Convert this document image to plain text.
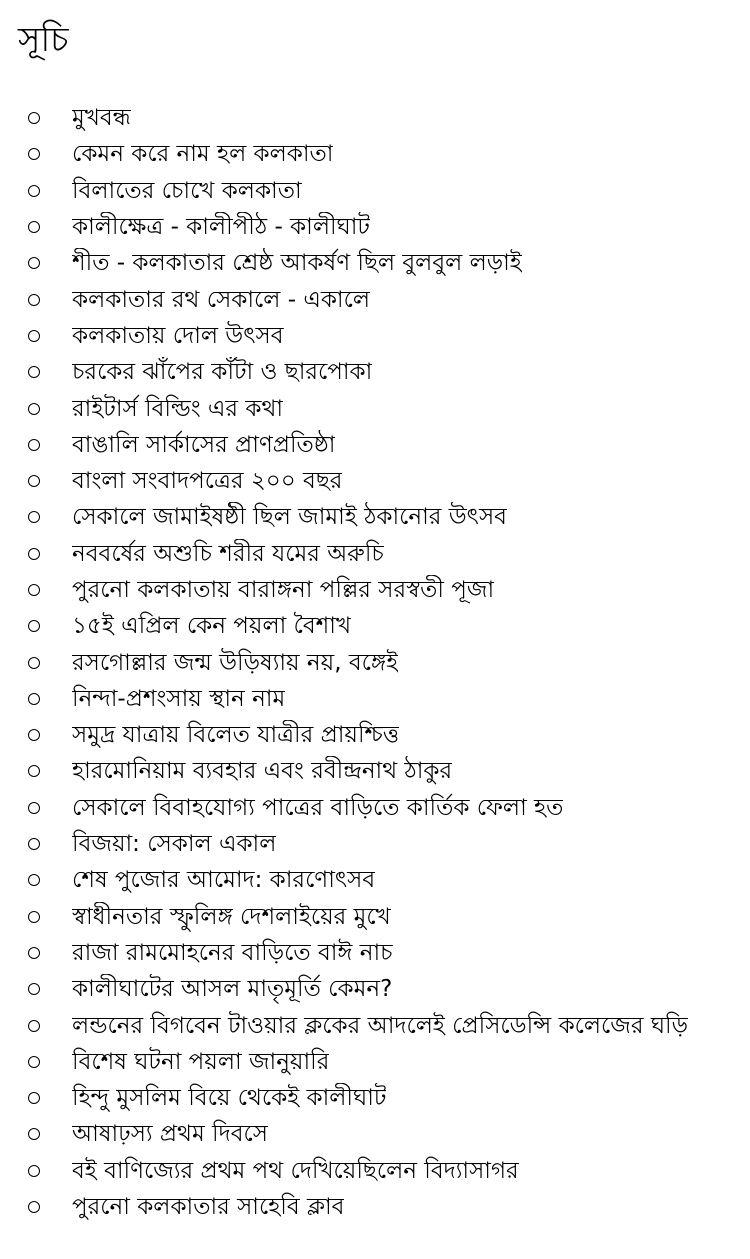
সূচি
মুখবন্ধ
কেমন করে নাম হল কলকাতা
বিলাতের চোখে কলকাতা
কালীক্ষেত্র - কালীপীঠ - কালীঘাট
শীত - কলকাতার শ্রেষ্ঠ আকর্ষণ ছিল বুলবুল লড়াই
কলকাতার রথ সেকালে - একালে
কলকাতায় দোল উৎসব
চরকের ঝাঁপের কাঁটা ও ছারপোকা
রাইটার্স বিল্ডিং এর কথা
বাঙালি সার্কাসের প্রাণপ্রতিষ্ঠা
বাংলা সংবাদপত্রের ২০০ বছর
সেকালে জামাইষষ্ঠী ছিল জামাই ঠকানোর উৎসব
নববর্ষের অশুচি শরীর যমের অরুচি
পুরনো কলকাতায় বারাঙ্গনা পল্লির সরস্বতী পূজা
১৫ই এপ্রিল কেন পয়লা বৈশাখ
রসগোল্লার জন্ম উড়িষ্যায় নয়, বঙ্গেই
নিন্দা-প্রশংসায় স্থান নাম
সমুদ্র যাত্রায় বিলেত যাত্রীর প্রায়শ্চিত্ত
হারমোনিয়াম ব্যবহার এবং রবীন্দ্রনাথ ঠাকুর
সেকালে বিবাহযোগ্য পাত্রের বাড়িতে কার্তিক ফেলা হত
বিজয়া: সেকাল একাল
শেষ পুজোর আমোদ: কারণোৎসব
স্বাধীনতার স্ফুলিঙ্গ দেশলাইয়ের মুখে
রাজা রামমোহনের বাড়িতে বাঈ নাচ
কালীঘাটের আসল মাতৃমূর্তি কেমন?
লন্ডনের বিগবেন টাওয়ার ক্লকের আদলেই প্রেসিডেন্সি কলেজের ঘড়ি
বিশেষ ঘটনা পয়লা জানুয়ারি
হিন্দু মুসলিম বিয়ে থেকেই কালীঘাট
আষাঢ়স্য প্রথম দিবসে
বই বাণিজ্যের প্রথম পথ দেখিয়েছিলেন বিদ্যাসাগর
পুরনো কলকাতার সাহেবি ক্লাব
